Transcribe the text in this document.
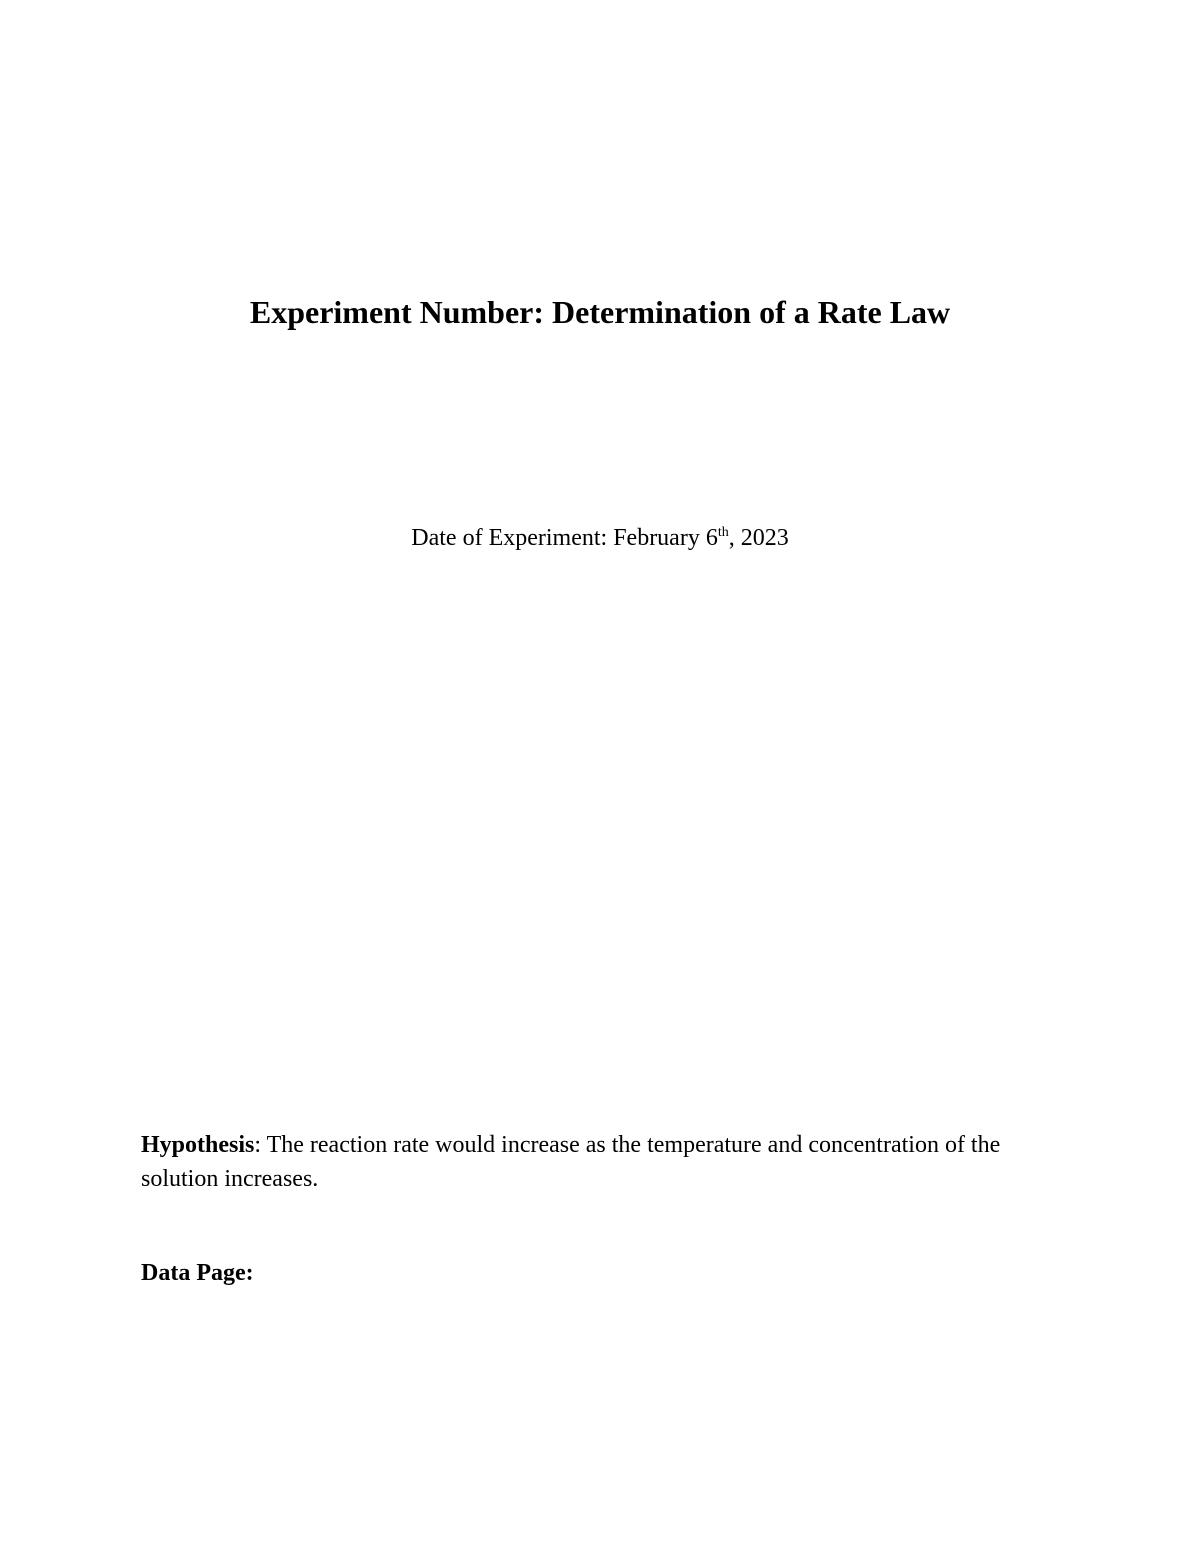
Experiment Number: Determination of a Rate Law

Date of Experiment: February 6th, 2023

Hypothesis: The reaction rate would increase as the temperature and concentration of the solution increases.

Data Page:
